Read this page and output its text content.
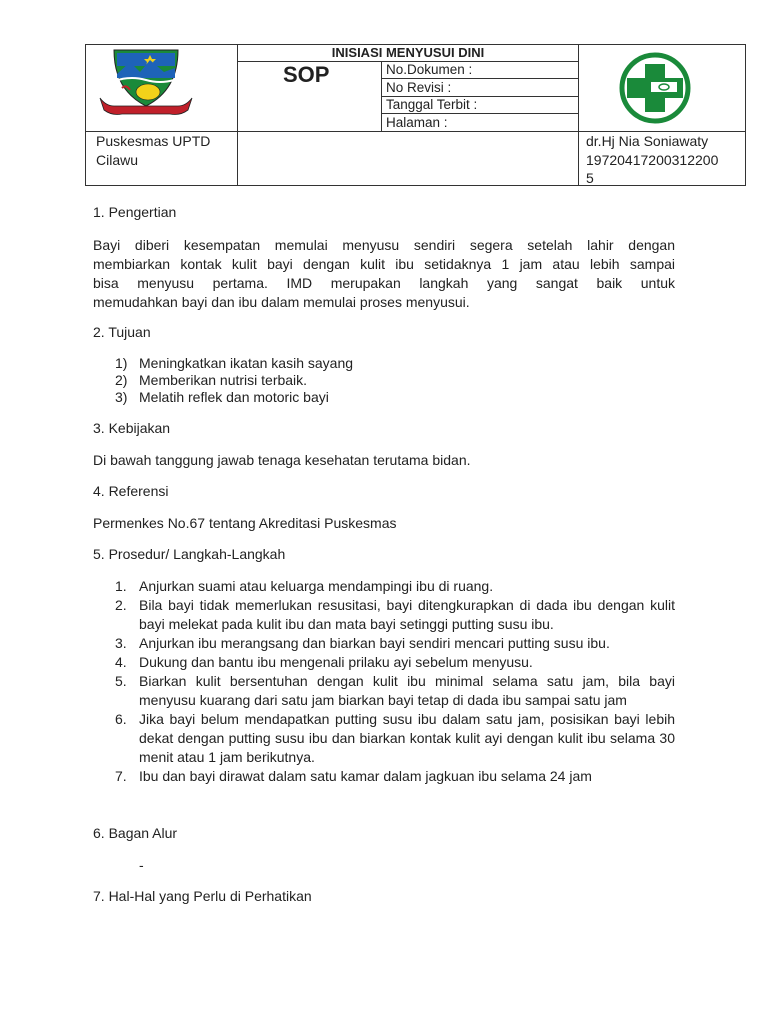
INISIASI MENYUSUI DINI
SOP	No.Dokumen :
No Revisi :
Tanggal Terbit :
Halaman :
Puskesmas UPTD
Cilawu
dr.Hj Nia Soniawaty
19720417200312200
5
1. Pengertian
Bayi diberi kesempatan memulai menyusu sendiri segera setelah lahir dengan
membiarkan kontak kulit bayi dengan kulit ibu setidaknya 1 jam atau lebih sampai
bisa menyusu pertama. IMD merupakan langkah yang sangat baik untuk
memudahkan bayi dan ibu dalam memulai proses menyusui.
2. Tujuan
1) Meningkatkan ikatan kasih sayang
2) Memberikan nutrisi terbaik.
3) Melatih reflek dan motoric bayi
3. Kebijakan
Di bawah tanggung jawab tenaga kesehatan terutama bidan.
4. Referensi
Permenkes No.67 tentang Akreditasi Puskesmas
5. Prosedur/ Langkah-Langkah
1. Anjurkan suami atau keluarga mendampingi ibu di ruang.
2. Bila bayi tidak memerlukan resusitasi, bayi ditengkurapkan di dada ibu dengan kulit bayi melekat pada kulit ibu dan mata bayi setinggi putting susu ibu.
3. Anjurkan ibu merangsang dan biarkan bayi sendiri mencari putting susu ibu.
4. Dukung dan bantu ibu mengenali prilaku ayi sebelum menyusu.
5. Biarkan kulit bersentuhan dengan kulit ibu minimal selama satu jam, bila bayi menyusu kuarang dari satu jam biarkan bayi tetap di dada ibu sampai satu jam
6. Jika bayi belum mendapatkan putting susu ibu dalam satu jam, posisikan bayi lebih dekat dengan putting susu ibu dan biarkan kontak kulit ayi dengan kulit ibu selama 30 menit atau 1 jam berikutnya.
7. Ibu dan bayi dirawat dalam satu kamar dalam jagkuan ibu selama 24 jam
6. Bagan Alur
-
7. Hal-Hal yang Perlu di Perhatikan
